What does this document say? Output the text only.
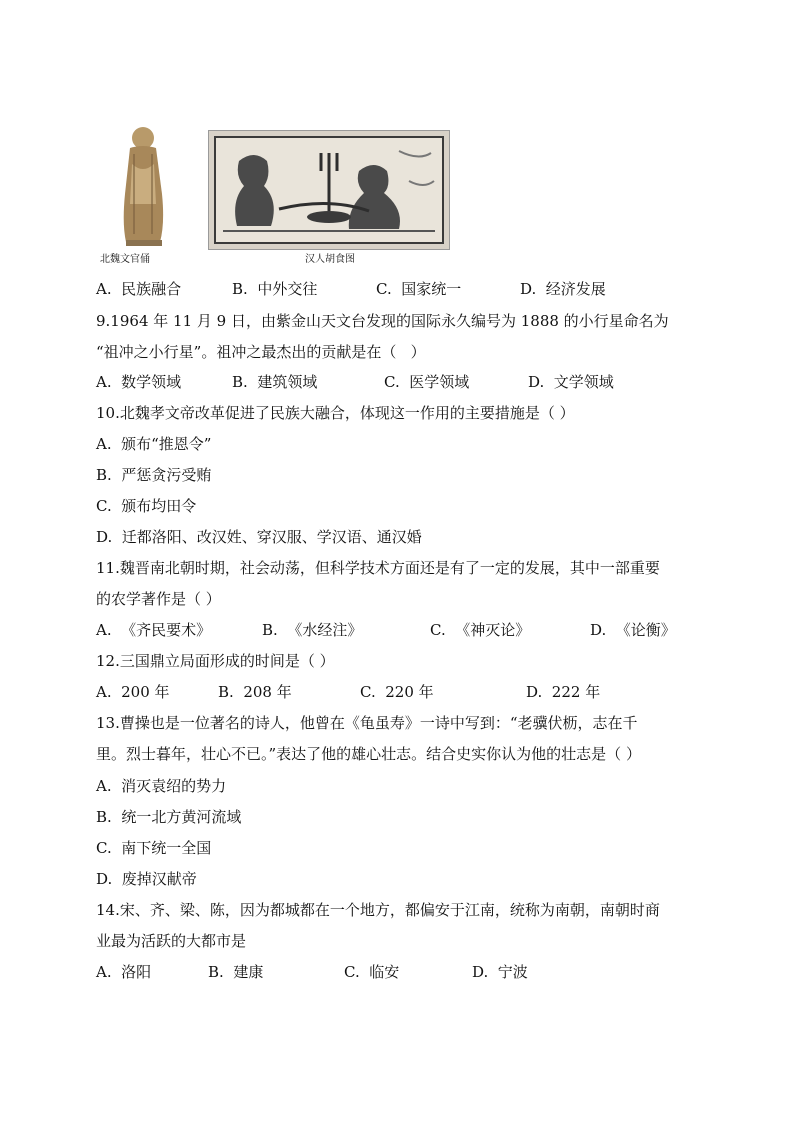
北魏文官俑	汉人胡食图
A.  民族融合	B.  中外交往	C.  国家统一	D.  经济发展
9.1964 年 11 月 9 日，由紫金山天文台发现的国际永久编号为 1888 的小行星命名为
“祖冲之小行星”。祖冲之最杰出的贡献是在（   ）
A.  数学领域	B.  建筑领域	C.  医学领域	D.  文学领域
10.北魏孝文帝改革促进了民族大融合，体现这一作用的主要措施是（ ）
A.  颁布“推恩令”
B.  严惩贪污受贿
C.  颁布均田令
D.  迁都洛阳、改汉姓、穿汉服、学汉语、通汉婚
11.魏晋南北朝时期，社会动荡，但科学技术方面还是有了一定的发展，其中一部重要
的农学著作是（ ）
A.  《齐民要术》	B.  《水经注》	C.  《神灭论》	D.  《论衡》
12.三国鼎立局面形成的时间是（ ）
A.  200 年	B.  208 年	C.  220 年	D.  222 年
13.曹操也是一位著名的诗人，他曾在《龟虽寿》一诗中写到：“老骥伏枥，志在千
里。烈士暮年，壮心不已。”表达了他的雄心壮志。结合史实你认为他的壮志是（ ）
A.  消灭袁绍的势力
B.  统一北方黄河流域
C.  南下统一全国
D.  废掉汉献帝
14.宋、齐、梁、陈，因为都城都在一个地方，都偏安于江南，统称为南朝，南朝时商
业最为活跃的大都市是
A.  洛阳	B.  建康	C.  临安	D.  宁波
